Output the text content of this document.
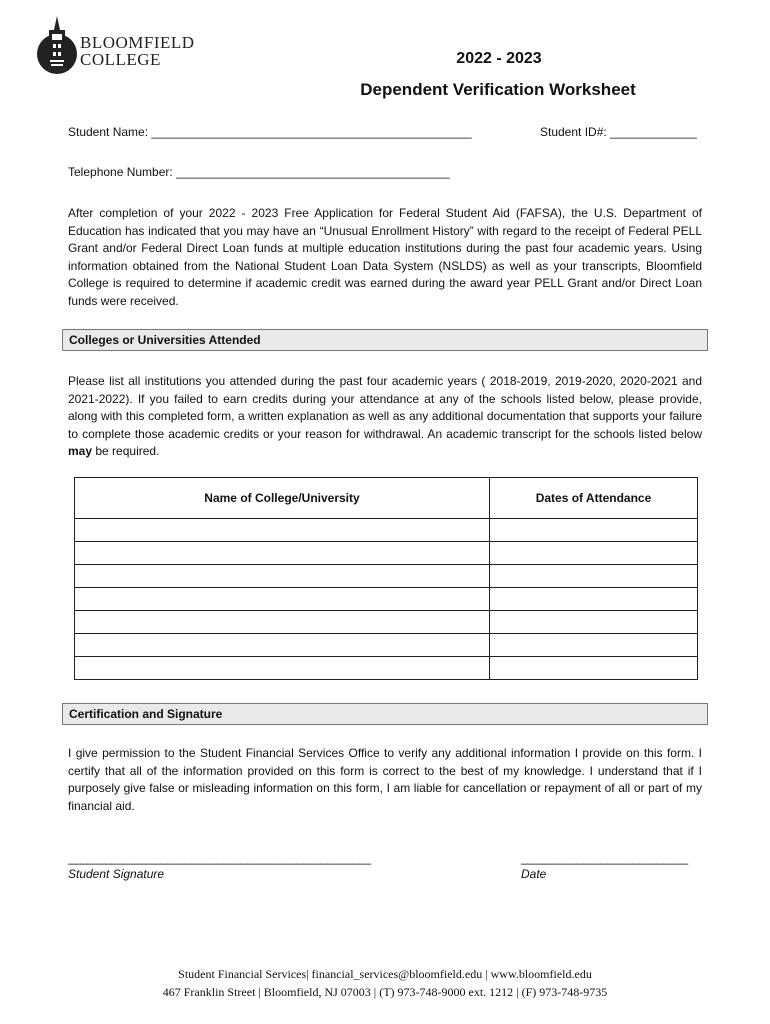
BLOOMFIELD
COLLEGE
EST. 1868
2022 - 2023
Dependent Verification Worksheet
Student Name: ________________________________________________	Student ID#: _____________
Telephone Number: _________________________________________
After completion of your 2022 - 2023 Free Application for Federal Student Aid (FAFSA), the U.S. Department of Education has indicated that you may have an “Unusual Enrollment History” with regard to the receipt of Federal PELL Grant and/or Federal Direct Loan funds at multiple education institutions during the past four academic years. Using information obtained from the National Student Loan Data System (NSLDS) as well as your transcripts, Bloomfield College is required to determine if academic credit was earned during the award year PELL Grant and/or Direct Loan funds were received.
Colleges or Universities Attended
Please list all institutions you attended during the past four academic years ( 2018-2019, 2019-2020, 2020-2021 and 2021-2022). If you failed to earn credits during your attendance at any of the schools listed below, please provide, along with this completed form, a written explanation as well as any additional documentation that supports your failure to complete those academic credits or your reason for withdrawal. An academic transcript for the schools listed below may be required.
Name of College/University	Dates of Attendance

Certification and Signature
I give permission to the Student Financial Services Office to verify any additional information I provide on this form. I certify that all of the information provided on this form is correct to the best of my knowledge. I understand that if I purposely give false or misleading information on this form, I am liable for cancellation or repayment of all or part of my financial aid.
_________________________________________________
Student Signature
___________________________
Date
Student Financial Services| financial_services@bloomfield.edu | www.bloomfield.edu
467 Franklin Street | Bloomfield, NJ 07003 | (T) 973-748-9000 ext. 1212 | (F) 973-748-9735
